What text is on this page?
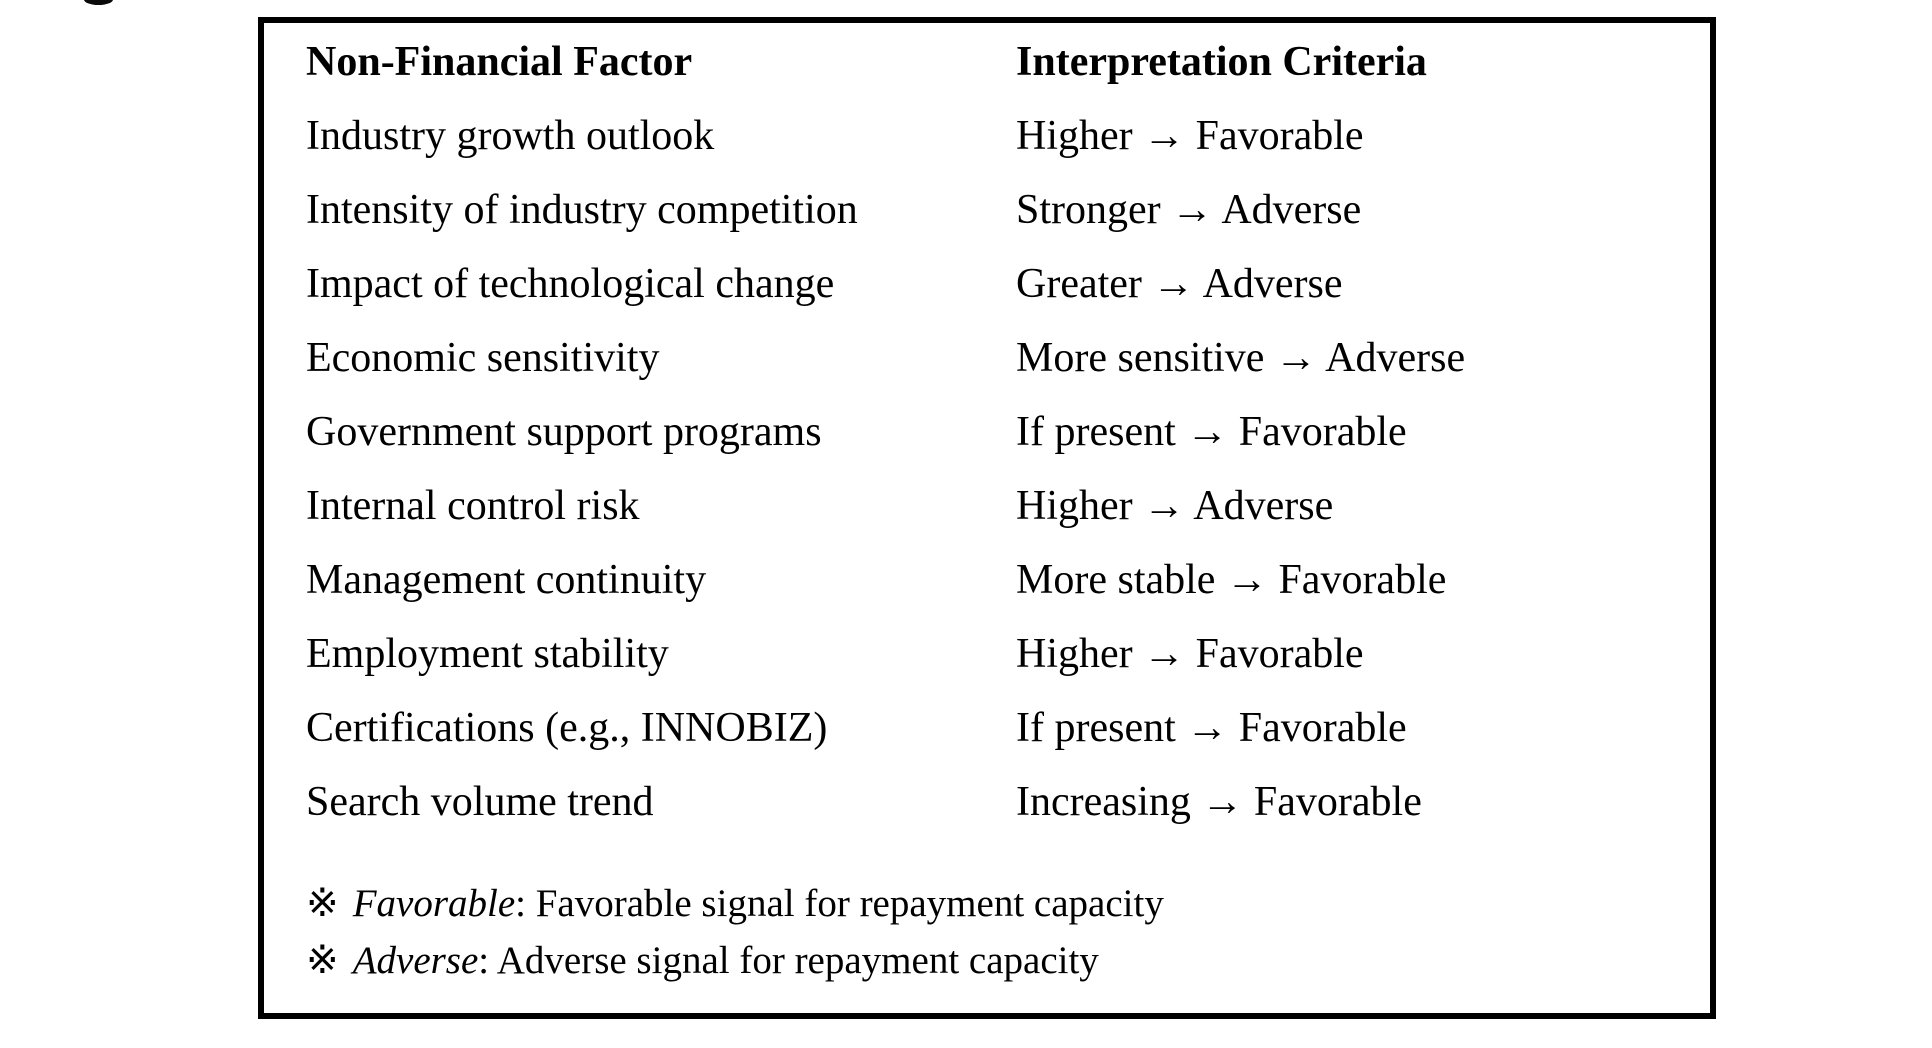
Non-Financial Factor	Interpretation Criteria
Industry growth outlook	Higher → Favorable
Intensity of industry competition	Stronger → Adverse
Impact of technological change	Greater → Adverse
Economic sensitivity	More sensitive → Adverse
Government support programs	If present → Favorable
Internal control risk	Higher → Adverse
Management continuity	More stable → Favorable
Employment stability	Higher → Favorable
Certifications (e.g., INNOBIZ)	If present → Favorable
Search volume trend	Increasing → Favorable
※ Favorable: Favorable signal for repayment capacity
※ Adverse: Adverse signal for repayment capacity
